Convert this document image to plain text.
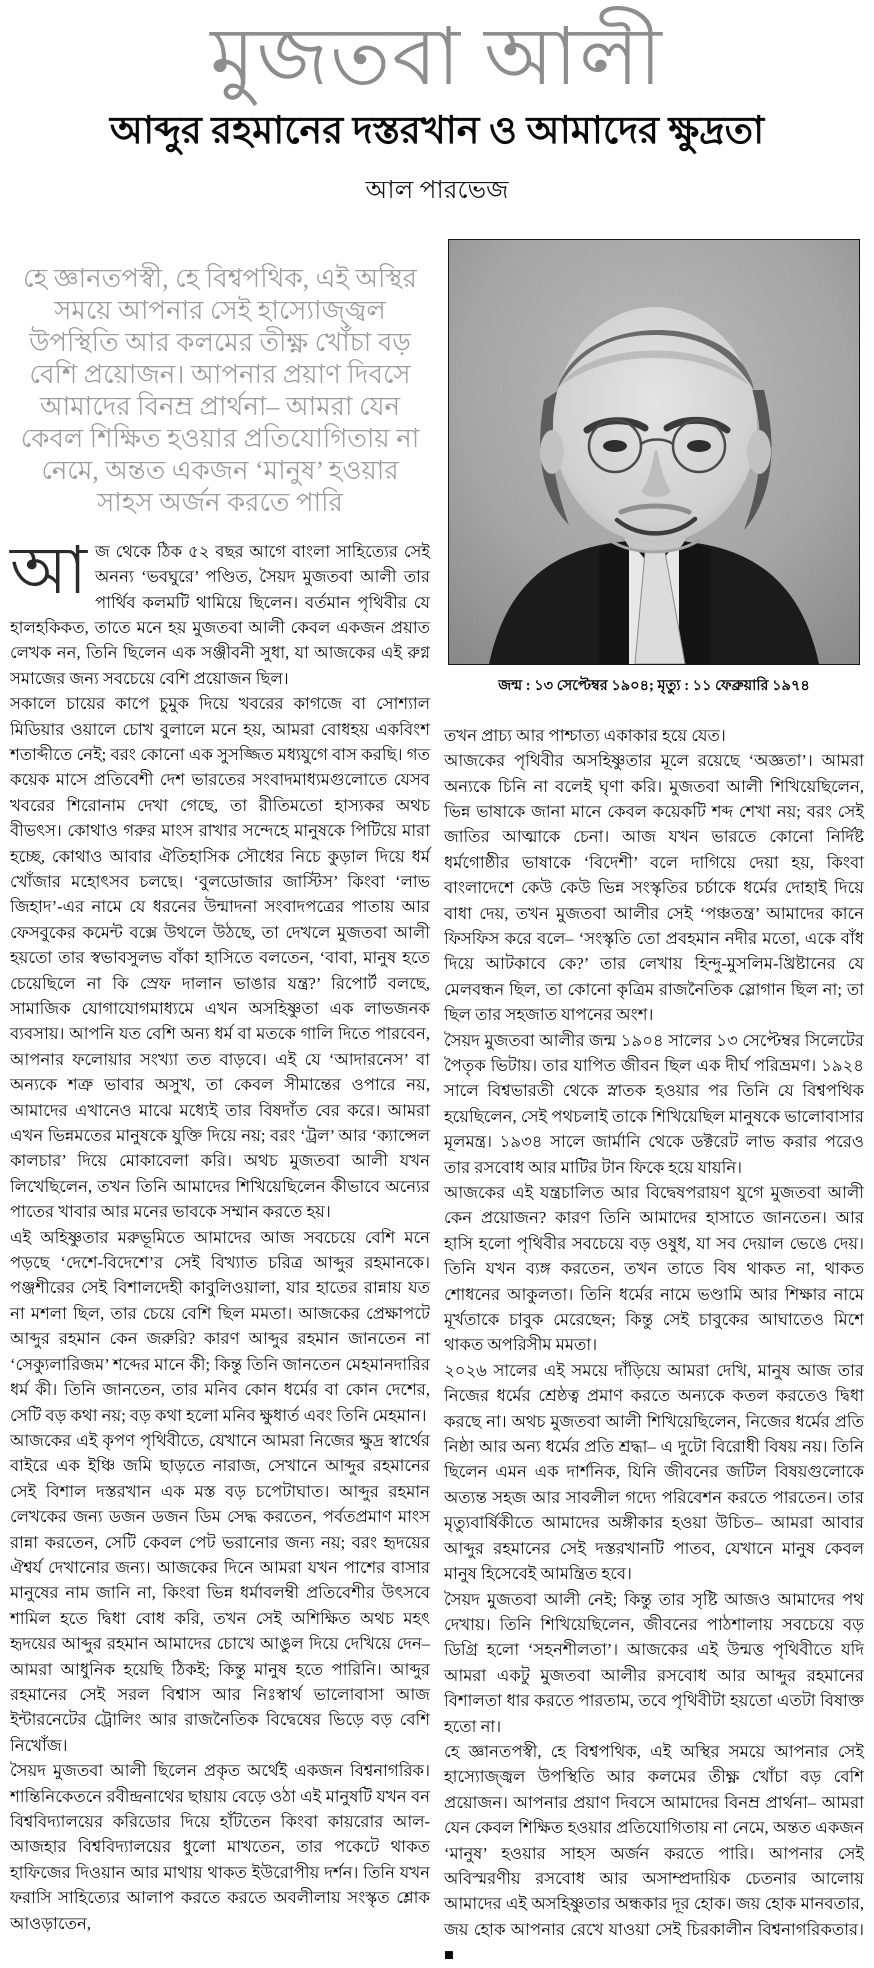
মুজতবা আলী
আব্দুর রহমানের দস্তরখান ও আমাদের ক্ষুদ্রতা
আল পারভেজ
হে জ্ঞানতপস্বী, হে বিশ্বপথিক, এই অস্থির সময়ে আপনার সেই হাস্যোজ্জ্বল উপস্থিতি আর কলমের তীক্ষ্ণ খোঁচা বড় বেশি প্রয়োজন। আপনার প্রয়াণ দিবসে আমাদের বিনম্র প্রার্থনা– আমরা যেন কেবল শিক্ষিত হওয়ার প্রতিযোগিতায় না নেমে, অন্তত একজন ‘মানুষ’ হওয়ার সাহস অর্জন করতে পারি

আজ থেকে ঠিক ৫২ বছর আগে বাংলা সাহিত্যের সেই অনন্য ‘ভবঘুরে’ পণ্ডিত, সৈয়দ মুজতবা আলী তার পার্থিব কলমটি থামিয়ে ছিলেন। বর্তমান পৃথিবীর যে হালহকিকত, তাতে মনে হয় মুজতবা আলী কেবল একজন প্রয়াত লেখক নন, তিনি ছিলেন এক সঞ্জীবনী সুধা, যা আজকের এই রুগ্ন সমাজের জন্য সবচেয়ে বেশি প্রয়োজন ছিল।

সকালে চায়ের কাপে চুমুক দিয়ে খবরের কাগজে বা সোশ্যাল মিডিয়ার ওয়ালে চোখ বুলালে মনে হয়, আমরা বোধহয় একবিংশ শতাব্দীতে নেই; বরং কোনো এক সুসজ্জিত মধ্যযুগে বাস করছি। গত কয়েক মাসে প্রতিবেশী দেশ ভারতের সংবাদমাধ্যমগুলোতে যেসব খবরের শিরোনাম দেখা গেছে, তা রীতিমতো হাস্যকর অথচ বীভৎস। কোথাও গরুর মাংস রাখার সন্দেহে মানুষকে পিটিয়ে মারা হচ্ছে, কোথাও আবার ঐতিহাসিক সৌধের নিচে কুড়াল দিয়ে ধর্ম খোঁজার মহোৎসব চলছে। ‘বুলডোজার জাস্টিস’ কিংবা ‘লাভ জিহাদ’-এর নামে যে ধরনের উন্মাদনা সংবাদপত্রের পাতায় আর ফেসবুকের কমেন্ট বক্সে উথলে উঠছে, তা দেখলে মুজতবা আলী হয়তো তার স্বভাবসুলভ বাঁকা হাসিতে বলতেন, ‘বাবা, মানুষ হতে চেয়েছিলে না কি স্রেফ দালান ভাঙার যন্ত্র?’ রিপোর্ট বলছে, সামাজিক যোগাযোগমাধ্যমে এখন অসহিষ্ণুতা এক লাভজনক ব্যবসায়। আপনি যত বেশি অন্য ধর্ম বা মতকে গালি দিতে পারবেন, আপনার ফলোয়ার সংখ্যা তত বাড়বে। এই যে ‘আদারনেস’ বা অন্যকে শত্রু ভাবার অসুখ, তা কেবল সীমান্তের ওপারে নয়, আমাদের এখানেও মাঝে মধ্যেই তার বিষদাঁত বের করে। আমরা এখন ভিন্নমতের মানুষকে যুক্তি দিয়ে নয়; বরং ‘ট্রল’ আর ‘ক্যান্সেল কালচার’ দিয়ে মোকাবেলা করি। অথচ মুজতবা আলী যখন লিখেছিলেন, তখন তিনি আমাদের শিখিয়েছিলেন কীভাবে অন্যের পাতের খাবার আর মনের ভাবকে সম্মান করতে হয়।

এই অহিষ্ণুতার মরুভূমিতে আমাদের আজ সবচেয়ে বেশি মনে পড়ছে ‘দেশে-বিদেশে’র সেই বিখ্যাত চরিত্র আব্দুর রহমানকে। পঞ্জশীরের সেই বিশালদেহী কাবুলিওয়ালা, যার হাতের রান্নায় যত না মশলা ছিল, তার চেয়ে বেশি ছিল মমতা। আজকের প্রেক্ষাপটে আব্দুর রহমান কেন জরুরি? কারণ আব্দুর রহমান জানতেন না ‘সেক্যুলারিজম’ শব্দের মানে কী; কিন্তু তিনি জানতেন মেহমানদারির ধর্ম কী। তিনি জানতেন, তার মনিব কোন ধর্মের বা কোন দেশের, সেটি বড় কথা নয়; বড় কথা হলো মনিব ক্ষুধার্ত এবং তিনি মেহমান।

আজকের এই কৃপণ পৃথিবীতে, যেখানে আমরা নিজের ক্ষুদ্র স্বার্থের বাইরে এক ইঞ্চি জমি ছাড়তে নারাজ, সেখানে আব্দুর রহমানের সেই বিশাল দস্তরখান এক মস্ত বড় চপেটাঘাত। আব্দুর রহমান লেখকের জন্য ডজন ডজন ডিম সেদ্ধ করতেন, পর্বতপ্রমাণ মাংস রান্না করতেন, সেটি কেবল পেট ভরানোর জন্য নয়; বরং হৃদয়ের ঐশ্বর্য দেখানোর জন্য। আজকের দিনে আমরা যখন পাশের বাসার মানুষের নাম জানি না, কিংবা ভিন্ন ধর্মাবলম্বী প্রতিবেশীর উৎসবে শামিল হতে দ্বিধা বোধ করি, তখন সেই অশিক্ষিত অথচ মহৎ হৃদয়ের আব্দুর রহমান আমাদের চোখে আঙুল দিয়ে দেখিয়ে দেন– আমরা আধুনিক হয়েছি ঠিকই; কিন্তু মানুষ হতে পারিনি। আব্দুর রহমানের সেই সরল বিশ্বাস আর নিঃস্বার্থ ভালোবাসা আজ ইন্টারনেটের ট্রোলিং আর রাজনৈতিক বিদ্বেষের ভিড়ে বড় বেশি নিখোঁজ।

সৈয়দ মুজতবা আলী ছিলেন প্রকৃত অর্থেই একজন বিশ্বনাগরিক। শান্তিনিকেতনে রবীন্দ্রনাথের ছায়ায় বেড়ে ওঠা এই মানুষটি যখন বন বিশ্ববিদ্যালয়ের করিডোর দিয়ে হাঁটতেন কিংবা কায়রোর আল-আজহার বিশ্ববিদ্যালয়ের ধুলো মাখতেন, তার পকেটে থাকত হাফিজের দিওয়ান আর মাথায় থাকত ইউরোপীয় দর্শন। তিনি যখন ফরাসি সাহিত্যের আলাপ করতে করতে অবলীলায় সংস্কৃত শ্লোক আওড়াতেন,

জন্ম : ১৩ সেপ্টেম্বর ১৯০৪; মৃত্যু : ১১ ফেব্রুয়ারি ১৯৭৪

তখন প্রাচ্য আর পাশ্চাত্য একাকার হয়ে যেত।

আজকের পৃথিবীর অসহিষ্ণুতার মূলে রয়েছে ‘অজ্ঞতা’। আমরা অন্যকে চিনি না বলেই ঘৃণা করি। মুজতবা আলী শিখিয়েছিলেন, ভিন্ন ভাষাকে জানা মানে কেবল কয়েকটি শব্দ শেখা নয়; বরং সেই জাতির আত্মাকে চেনা। আজ যখন ভারতে কোনো নির্দিষ্ট ধর্মগোষ্ঠীর ভাষাকে ‘বিদেশী’ বলে দাগিয়ে দেয়া হয়, কিংবা বাংলাদেশে কেউ কেউ ভিন্ন সংস্কৃতির চর্চাকে ধর্মের দোহাই দিয়ে বাধা দেয়, তখন মুজতবা আলীর সেই ‘পঞ্চতন্ত্র’ আমাদের কানে ফিসফিস করে বলে– ‘সংস্কৃতি তো প্রবহমান নদীর মতো, একে বাঁধ দিয়ে আটকাবে কে?’ তার লেখায় হিন্দু-মুসলিম-খ্রিষ্টানের যে মেলবন্ধন ছিল, তা কোনো কৃত্রিম রাজনৈতিক স্লোগান ছিল না; তা ছিল তার সহজাত যাপনের অংশ।

সৈয়দ মুজতবা আলীর জন্ম ১৯০৪ সালের ১৩ সেপ্টেম্বর সিলেটের পৈতৃক ভিটায়। তার যাপিত জীবন ছিল এক দীর্ঘ পরিভ্রমণ। ১৯২৪ সালে বিশ্বভারতী থেকে স্নাতক হওয়ার পর তিনি যে বিশ্বপথিক হয়েছিলেন, সেই পথচলাই তাকে শিখিয়েছিল মানুষকে ভালোবাসার মূলমন্ত্র। ১৯৩৪ সালে জার্মানি থেকে ডক্টরেট লাভ করার পরেও তার রসবোধ আর মাটির টান ফিকে হয়ে যায়নি।

আজকের এই যন্ত্রচালিত আর বিদ্বেষপরায়ণ যুগে মুজতবা আলী কেন প্রয়োজন? কারণ তিনি আমাদের হাসাতে জানতেন। আর হাসি হলো পৃথিবীর সবচেয়ে বড় ওষুধ, যা সব দেয়াল ভেঙে দেয়। তিনি যখন ব্যঙ্গ করতেন, তখন তাতে বিষ থাকত না, থাকত শোধনের আকুলতা। তিনি ধর্মের নামে ভণ্ডামি আর শিক্ষার নামে মূর্খতাকে চাবুক মেরেছেন; কিন্তু সেই চাবুকের আঘাতেও মিশে থাকত অপরিসীম মমতা।

২০২৬ সালের এই সময়ে দাঁড়িয়ে আমরা দেখি, মানুষ আজ তার নিজের ধর্মের শ্রেষ্ঠত্ব প্রমাণ করতে অন্যকে কতল করতেও দ্বিধা করছে না। অথচ মুজতবা আলী শিখিয়েছিলেন, নিজের ধর্মের প্রতি নিষ্ঠা আর অন্য ধর্মের প্রতি শ্রদ্ধা– এ দুটো বিরোধী বিষয় নয়। তিনি ছিলেন এমন এক দার্শনিক, যিনি জীবনের জটিল বিষয়গুলোকে অত্যন্ত সহজ আর সাবলীল গদ্যে পরিবেশন করতে পারতেন। তার মৃত্যুবার্ষিকীতে আমাদের অঙ্গীকার হওয়া উচিত– আমরা আবার আব্দুর রহমানের সেই দস্তরখানটি পাতব, যেখানে মানুষ কেবল মানুষ হিসেবেই আমন্ত্রিত হবে।

সৈয়দ মুজতবা আলী নেই; কিন্তু তার সৃষ্টি আজও আমাদের পথ দেখায়। তিনি শিখিয়েছিলেন, জীবনের পাঠশালায় সবচেয়ে বড় ডিগ্রি হলো ‘সহনশীলতা’। আজকের এই উন্মত্ত পৃথিবীতে যদি আমরা একটু মুজতবা আলীর রসবোধ আর আব্দুর রহমানের বিশালতা ধার করতে পারতাম, তবে পৃথিবীটা হয়তো এতটা বিষাক্ত হতো না।

হে জ্ঞানতপস্বী, হে বিশ্বপথিক, এই অস্থির সময়ে আপনার সেই হাস্যোজ্জ্বল উপস্থিতি আর কলমের তীক্ষ্ণ খোঁচা বড় বেশি প্রয়োজন। আপনার প্রয়াণ দিবসে আমাদের বিনম্র প্রার্থনা– আমরা যেন কেবল শিক্ষিত হওয়ার প্রতিযোগিতায় না নেমে, অন্তত একজন ‘মানুষ’ হওয়ার সাহস অর্জন করতে পারি। আপনার সেই অবিস্মরণীয় রসবোধ আর অসাম্প্রদায়িক চেতনার আলোয় আমাদের এই অসহিষ্ণুতার অন্ধকার দূর হোক। জয় হোক মানবতার, জয় হোক আপনার রেখে যাওয়া সেই চিরকালীন বিশ্বনাগরিকতার। ■
